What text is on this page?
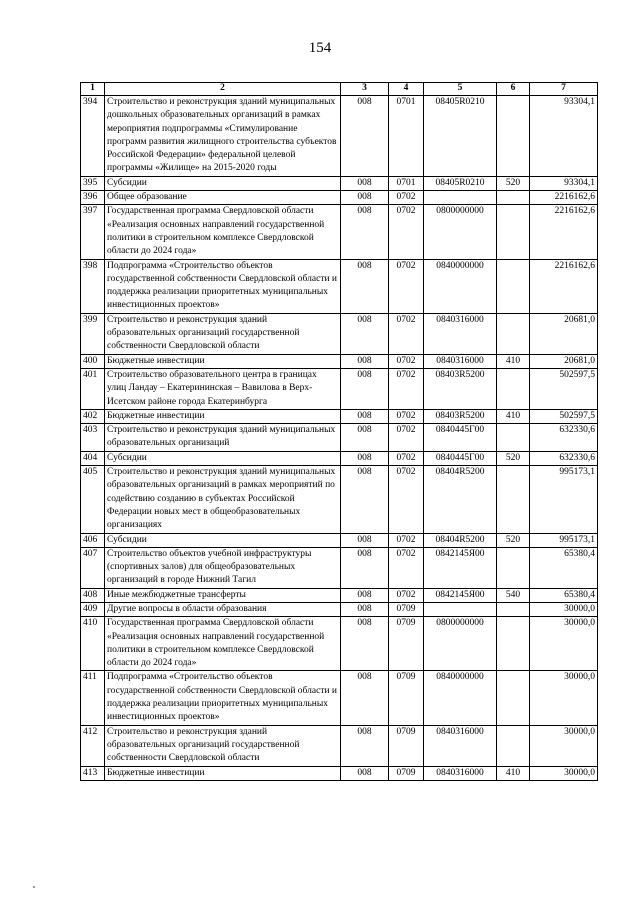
154
1	2	3	4	5	6	7
394	Строительство и реконструкция зданий муниципальных дошкольных образовательных организаций в рамках мероприятия подпрограммы «Стимулирование программ развития жилищного строительства субъектов Российской Федерации» федеральной целевой программы «Жилище» на 2015-2020 годы	008	0701	08405R0210		93304,1
395	Субсидии	008	0701	08405R0210	520	93304,1
396	Общее образование	008	0702			2216162,6
397	Государственная программа Свердловской области «Реализация основных направлений государственной политики в строительном комплексе Свердловской области до 2024 года»	008	0702	0800000000		2216162,6
398	Подпрограмма «Строительство объектов государственной собственности Свердловской области и поддержка реализации приоритетных муниципальных инвестиционных проектов»	008	0702	0840000000		2216162,6
399	Строительство и реконструкция зданий образовательных организаций государственной собственности Свердловской области	008	0702	0840316000		20681,0
400	Бюджетные инвестиции	008	0702	0840316000	410	20681,0
401	Строительство образовательного центра в границах улиц Ландау – Екатерининская – Вавилова в Верх-Исетском районе города Екатеринбурга	008	0702	08403R5200		502597,5
402	Бюджетные инвестиции	008	0702	08403R5200	410	502597,5
403	Строительство и реконструкция зданий муниципальных образовательных организаций	008	0702	0840445Г00		632330,6
404	Субсидии	008	0702	0840445Г00	520	632330,6
405	Строительство и реконструкция зданий муниципальных образовательных организаций в рамках мероприятий по содействию созданию в субъектах Российской Федерации новых мест в общеобразовательных организациях	008	0702	08404R5200		995173,1
406	Субсидии	008	0702	08404R5200	520	995173,1
407	Строительство объектов учебной инфраструктуры (спортивных залов) для общеобразовательных организаций в городе Нижний Тагил	008	0702	0842145Я00		65380,4
408	Иные межбюджетные трансферты	008	0702	0842145Я00	540	65380,4
409	Другие вопросы в области образования	008	0709			30000,0
410	Государственная программа Свердловской области «Реализация основных направлений государственной политики в строительном комплексе Свердловской области до 2024 года»	008	0709	0800000000		30000,0
411	Подпрограмма «Строительство объектов государственной собственности Свердловской области и поддержка реализации приоритетных муниципальных инвестиционных проектов»	008	0709	0840000000		30000,0
412	Строительство и реконструкция зданий образовательных организаций государственной собственности Свердловской области	008	0709	0840316000		30000,0
413	Бюджетные инвестиции	008	0709	0840316000	410	30000,0
